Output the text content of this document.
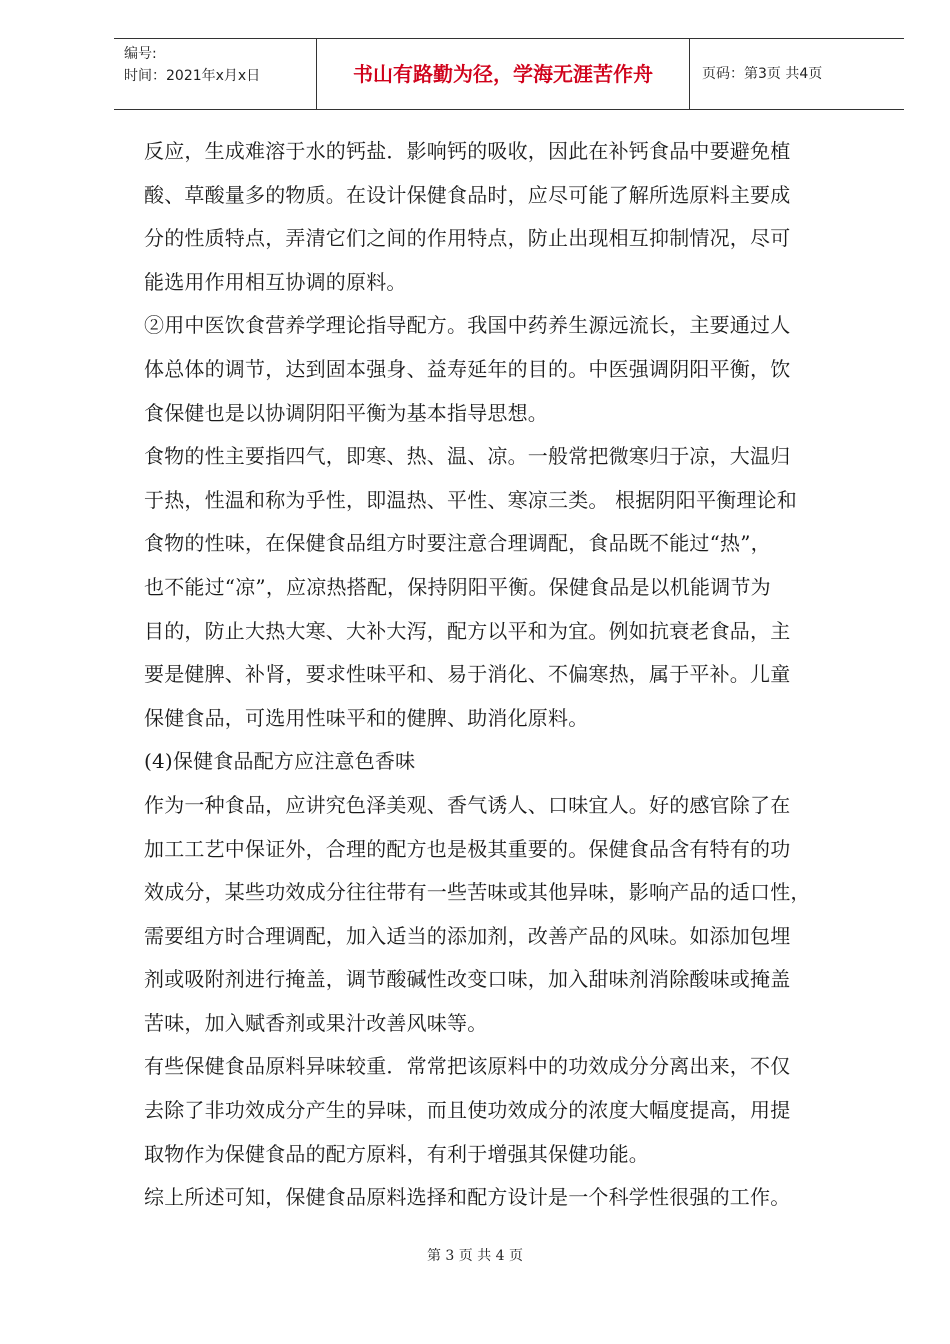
编号:
时间：2021年x月x日	书山有路勤为径，学海无涯苦作舟	页码：第3页 共4页
反应，生成难溶于水的钙盐．影响钙的吸收，因此在补钙食品中要避免植
酸、草酸量多的物质。在设计保健食品时，应尽可能了解所选原料主要成
分的性质特点，弄清它们之间的作用特点，防止出现相互抑制情况，尽可
能选用作用相互协调的原料。
②用中医饮食营养学理论指导配方。我国中药养生源远流长，主要通过人
体总体的调节，达到固本强身、益寿延年的目的。中医强调阴阳平衡，饮
食保健也是以协调阴阳平衡为基本指导思想。
食物的性主要指四气，即寒、热、温、凉。一般常把微寒归于凉，大温归
于热，性温和称为乎性，即温热、平性、寒凉三类。 根据阴阳平衡理论和
食物的性味，在保健食品组方时要注意合理调配，食品既不能过“热”，
也不能过“凉”，应凉热搭配，保持阴阳平衡。保健食品是以机能调节为
目的，防止大热大寒、大补大泻，配方以平和为宜。例如抗衰老食品，主
要是健脾、补肾，要求性味平和、易于消化、不偏寒热，属于平补。儿童
保健食品，可选用性味平和的健脾、助消化原料。
(4)保健食品配方应注意色香味
作为一种食品，应讲究色泽美观、香气诱人、口味宜人。好的感官除了在
加工工艺中保证外，合理的配方也是极其重要的。保健食品含有特有的功
效成分，某些功效成分往往带有一些苦味或其他异味，影响产品的适口性，
需要组方时合理调配，加入适当的添加剂，改善产品的风味。如添加包埋
剂或吸附剂进行掩盖，调节酸碱性改变口味，加入甜味剂消除酸味或掩盖
苦味，加入赋香剂或果汁改善风味等。
有些保健食品原料异味较重．常常把该原料中的功效成分分离出来，不仅
去除了非功效成分产生的异味，而且使功效成分的浓度大幅度提高，用提
取物作为保健食品的配方原料，有利于增强其保健功能。
综上所述可知，保健食品原料选择和配方设计是一个科学性很强的工作。
第 3 页 共 4 页
